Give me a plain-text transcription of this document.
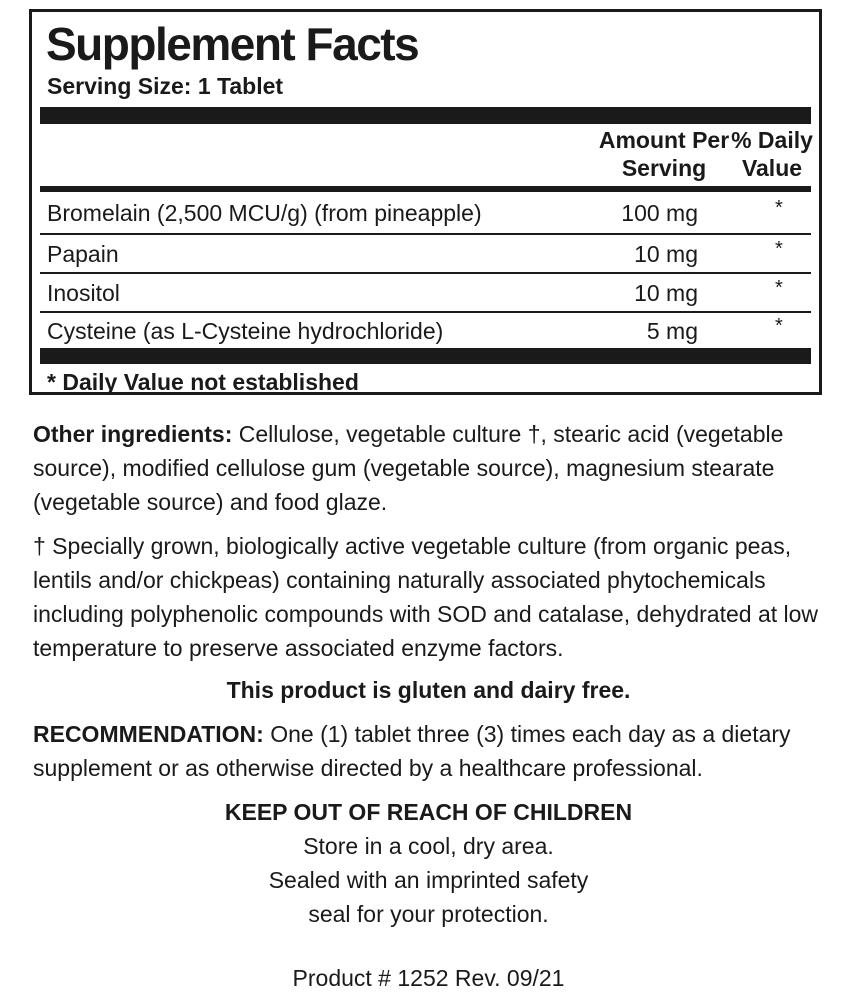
Supplement Facts
Serving Size: 1 Tablet
Amount Per
Serving
% Daily
Value
Bromelain (2,500 MCU/g) (from pineapple)	100 mg	*
Papain	10 mg	*
Inositol	10 mg	*
Cysteine (as L-Cysteine hydrochloride)	5 mg	*
* Daily Value not established

Other ingredients: Cellulose, vegetable culture †, stearic acid (vegetable
source), modified cellulose gum (vegetable source), magnesium stearate
(vegetable source) and food glaze.

† Specially grown, biologically active vegetable culture (from organic peas,
lentils and/or chickpeas) containing naturally associated phytochemicals
including polyphenolic compounds with SOD and catalase, dehydrated at low
temperature to preserve associated enzyme factors.

This product is gluten and dairy free.

RECOMMENDATION: One (1) tablet three (3) times each day as a dietary
supplement or as otherwise directed by a healthcare professional.

KEEP OUT OF REACH OF CHILDREN
Store in a cool, dry area.
Sealed with an imprinted safety
seal for your protection.
Product # 1252 Rev. 09/21
